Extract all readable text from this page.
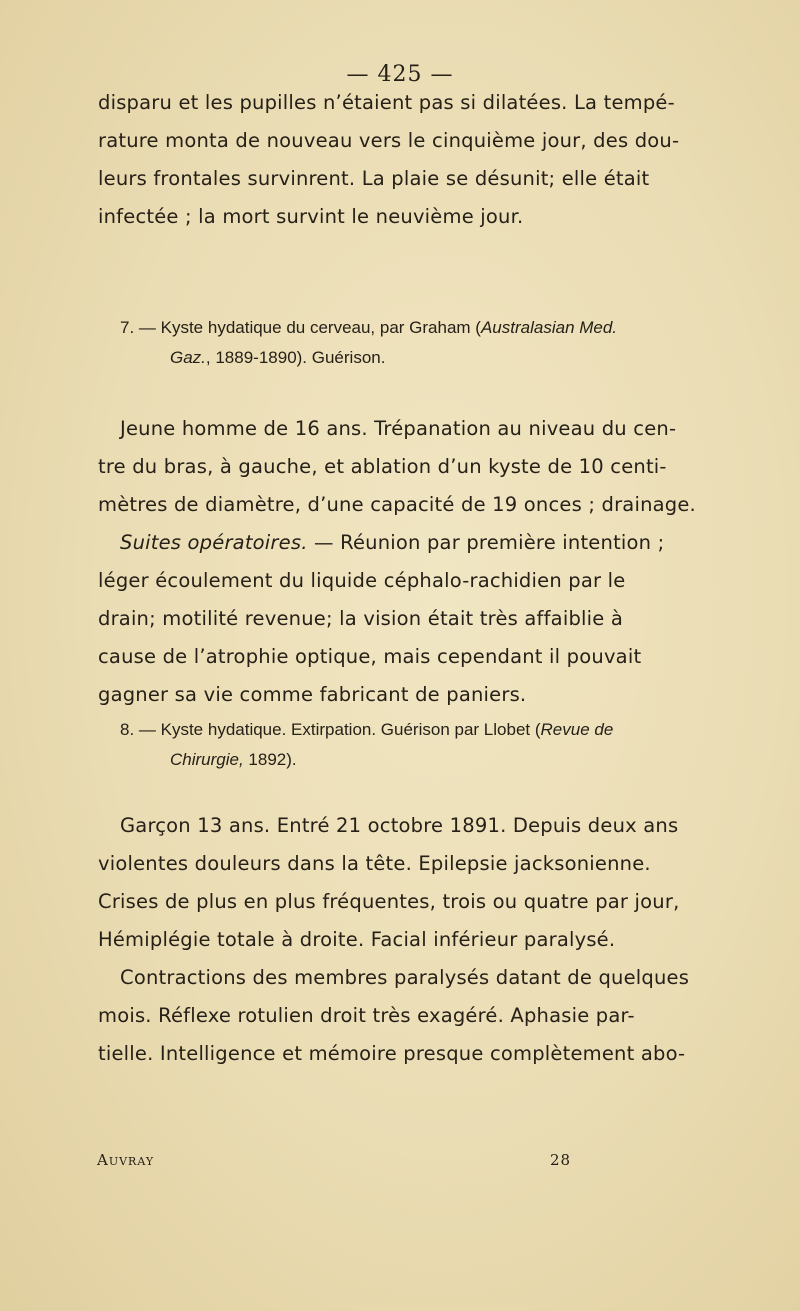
— 425 —

disparu et les pupilles n’étaient pas si dilatées. La tempé-
rature monta de nouveau vers le cinquième jour, des dou-
leurs frontales survinrent. La plaie se désunit; elle était
infectée ; la mort survint le neuvième jour.

7. — Kyste hydatique du cerveau, par Graham (Australasian Med.
Gaz., 1889-1890). Guérison.

Jeune homme de 16 ans. Trépanation au niveau du cen-
tre du bras, à gauche, et ablation d’un kyste de 10 centi-
mètres de diamètre, d’une capacité de 19 onces ; drainage.
Suites opératoires. — Réunion par première intention ;
léger écoulement du liquide céphalo-rachidien par le
drain; motilité revenue; la vision était très affaiblie à
cause de l’atrophie optique, mais cependant il pouvait
gagner sa vie comme fabricant de paniers.

8. — Kyste hydatique. Extirpation. Guérison par Llobet (Revue de
Chirurgie, 1892).

Garçon 13 ans. Entré 21 octobre 1891. Depuis deux ans
violentes douleurs dans la tête. Epilepsie jacksonienne.
Crises de plus en plus fréquentes, trois ou quatre par jour,
Hémiplégie totale à droite. Facial inférieur paralysé.
Contractions des membres paralysés datant de quelques
mois. Réflexe rotulien droit très exagéré. Aphasie par-
tielle. Intelligence et mémoire presque complètement abo-

Auvray	28
